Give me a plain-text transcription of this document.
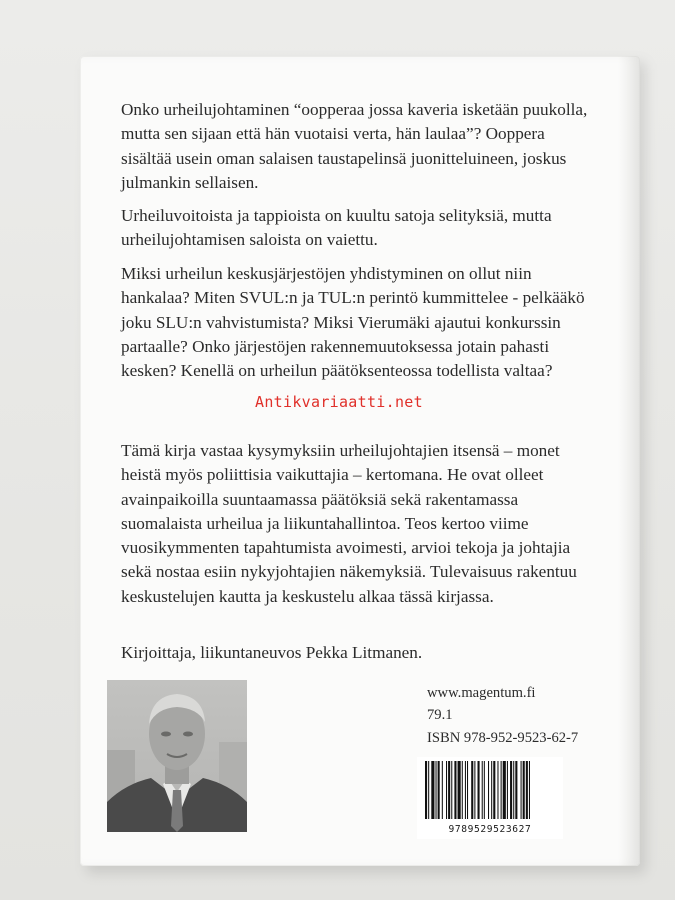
Onko urheilujohtaminen “oopperaa jossa kaveria isketään puukolla, mutta sen sijaan että hän vuotaisi verta, hän laulaa”? Ooppera sisältää usein oman salaisen taustapelinsä juonitteluineen, joskus julmankin sellaisen.

Urheiluvoitoista ja tappioista on kuultu satoja selityksiä, mutta urheilujohtamisen saloista on vaiettu.

Miksi urheilun keskusjärjestöjen yhdistyminen on ollut niin hankalaa? Miten SVUL:n ja TUL:n perintö kummittelee - pelkääkö joku SLU:n vahvistumista? Miksi Vierumäki ajautui konkurssin partaalle? Onko järjestöjen rakennemuutoksessa jotain pahasti kesken? Kenellä on urheilun päätöksenteossa todellista valtaa?

Tämä kirja vastaa kysymyksiin urheilujohtajien itsensä – monet heistä myös poliittisia vaikuttajia – kertomana. He ovat olleet avainpaikoilla suuntaamassa päätöksiä sekä rakentamassa suomalaista urheilua ja liikuntahallintoa. Teos kertoo viime vuosikymmenten tapahtumista avoimesti, arvioi tekoja ja johtajia sekä nostaa esiin nykyjohtajien näkemyksiä. Tulevaisuus rakentuu keskustelujen kautta ja keskustelu alkaa tässä kirjassa.

Kirjoittaja, liikuntaneuvos Pekka Litmanen.

Antikvariaatti.net
www.magentum.fi
79.1
ISBN 978-952-9523-62-7
9789529523627
